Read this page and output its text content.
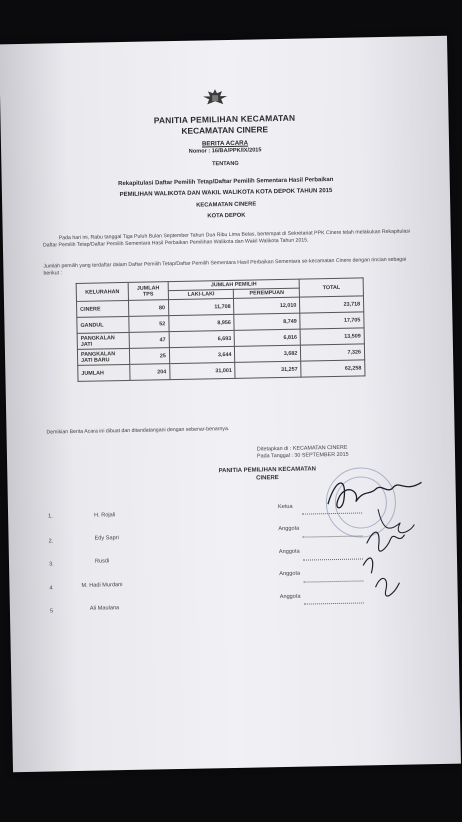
PANITIA PEMILIHAN KECAMATAN
KECAMATAN CINERE
BERITA ACARA
Nomor : 16/BA/PPK/IX/2015
TENTANG
Rekapitulasi Daftar Pemilih Tetap/Daftar Pemilih Sementara Hasil Perbaikan
PEMILIHAN WALIKOTA DAN WAKIL WALIKOTA KOTA DEPOK TAHUN 2015
KECAMATAN CINERE
KOTA DEPOK
Pada hari ini, Rabu tanggal Tiga Puluh Bulan September Tahun Dua Ribu Lima Belas, bertempat di Sekretariat PPK Cinere telah melakukan Rekapitulasi Daftar Pemilih Tetap/Daftar Pemilih Sementara Hasil Perbaikan Pemilihan Walikota dan Wakil Walikota Tahun 2015.
Jumlah pemilih yang terdaftar dalam Daftar Pemilih Tetap/Daftar Pemilih Sementara Hasil Perbaikan Sementara se-kecamatan Cinere dengan rincian sebagai berikut :
KELURAHAN	JUMLAH TPS	JUMLAH PEMILIH		TOTAL
		LAKI-LAKI	PEREMPUAN	
CINERE	80	11,708	12,010	23,718
GANDUL	52	8,956	8,749	17,705
PANGKALAN JATI	47	6,693	6,816	13,509
PANGKALAN JATI BARU	25	3,644	3,682	7,326
JUMLAH	204	31,001	31,257	62,258
Demikian Berita Acara ini dibuat dan ditandatangani dengan sebenar-benarnya.
Ditetapkan di : KECAMATAN CINERE
Pada Tanggal : 30 SEPTEMBER 2015
PANITIA PEMILIHAN KECAMATAN
CINERE
1.	H. Rojali
Ketua
2.	Edy Sapri
Anggota
3.	Rusdi
Anggota
4	M. Hadi Murdani
Anggota
5	Ali Maulana
Anggota
